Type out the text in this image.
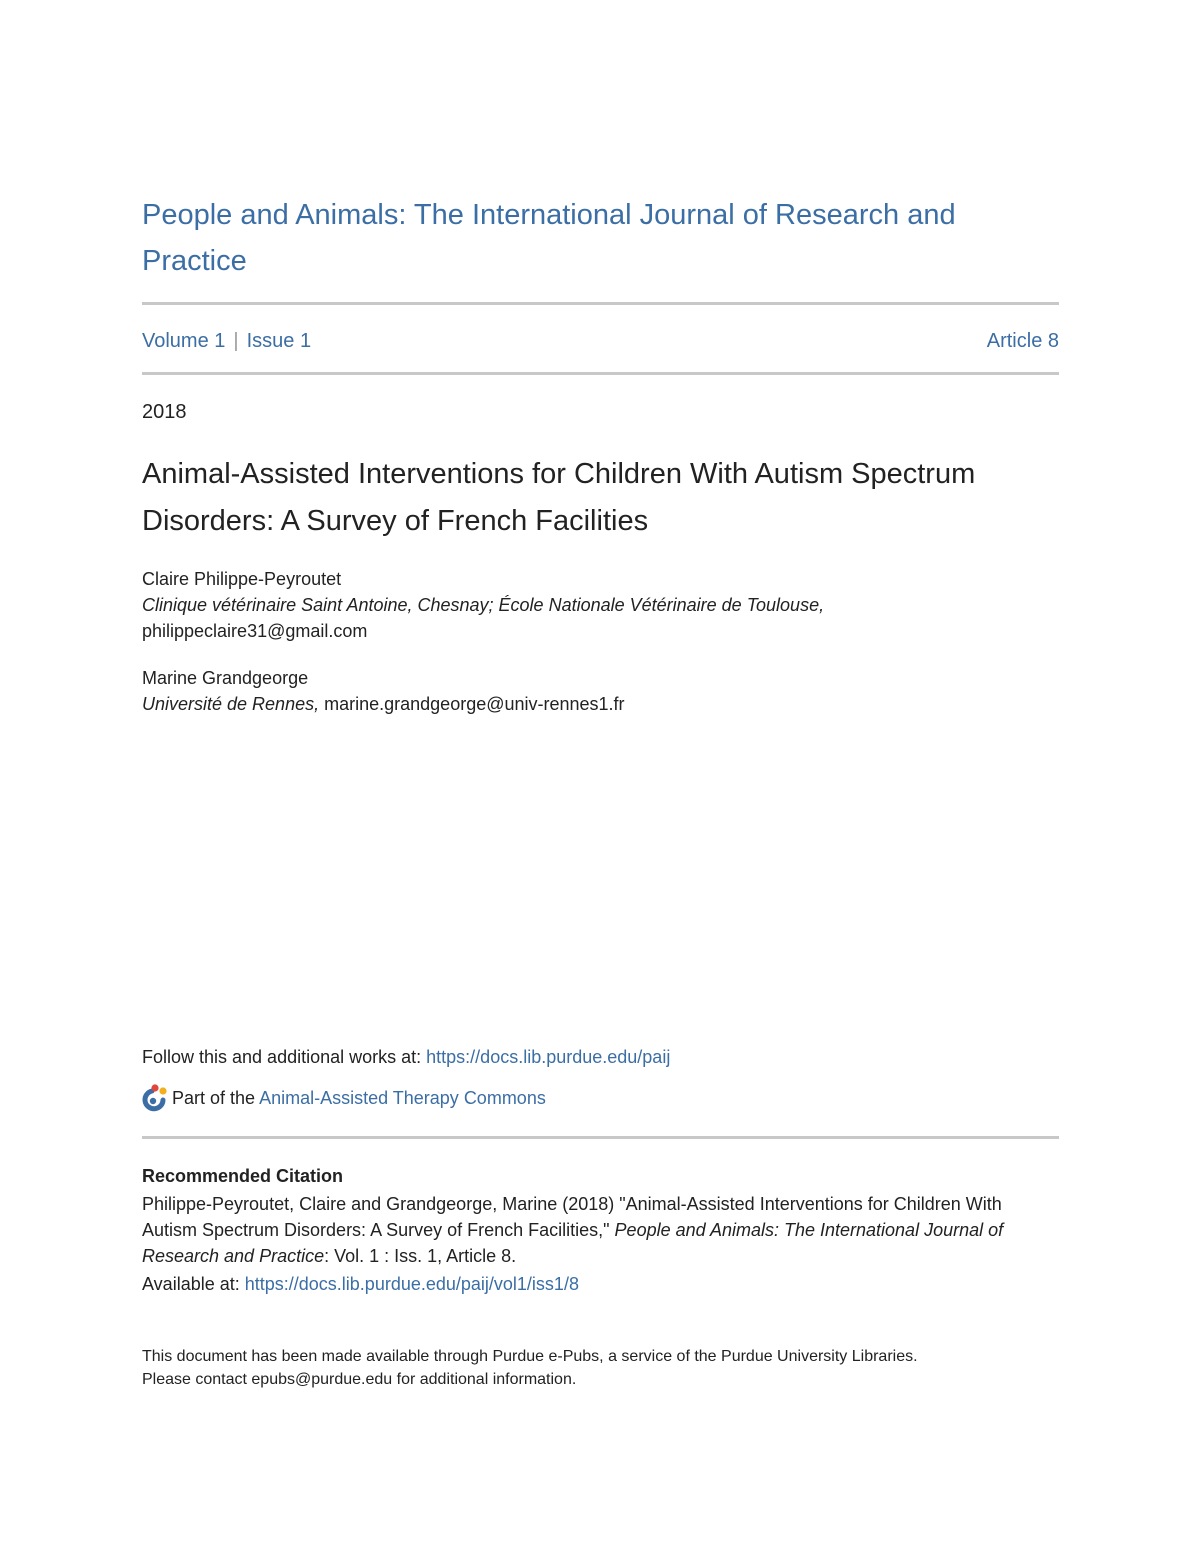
People and Animals: The International Journal of Research and Practice
Volume 1 | Issue 1	Article 8
2018
Animal-Assisted Interventions for Children With Autism Spectrum Disorders: A Survey of French Facilities
Claire Philippe-Peyroutet
Clinique vétérinaire Saint Antoine, Chesnay; École Nationale Vétérinaire de Toulouse,
philippeclaire31@gmail.com
Marine Grandgeorge
Université de Rennes, marine.grandgeorge@univ-rennes1.fr
Follow this and additional works at: https://docs.lib.purdue.edu/paij
Part of the Animal-Assisted Therapy Commons
Recommended Citation
Philippe-Peyroutet, Claire and Grandgeorge, Marine (2018) "Animal-Assisted Interventions for Children With Autism Spectrum Disorders: A Survey of French Facilities," People and Animals: The International Journal of Research and Practice: Vol. 1 : Iss. 1, Article 8.
Available at: https://docs.lib.purdue.edu/paij/vol1/iss1/8
This document has been made available through Purdue e-Pubs, a service of the Purdue University Libraries.
Please contact epubs@purdue.edu for additional information.
